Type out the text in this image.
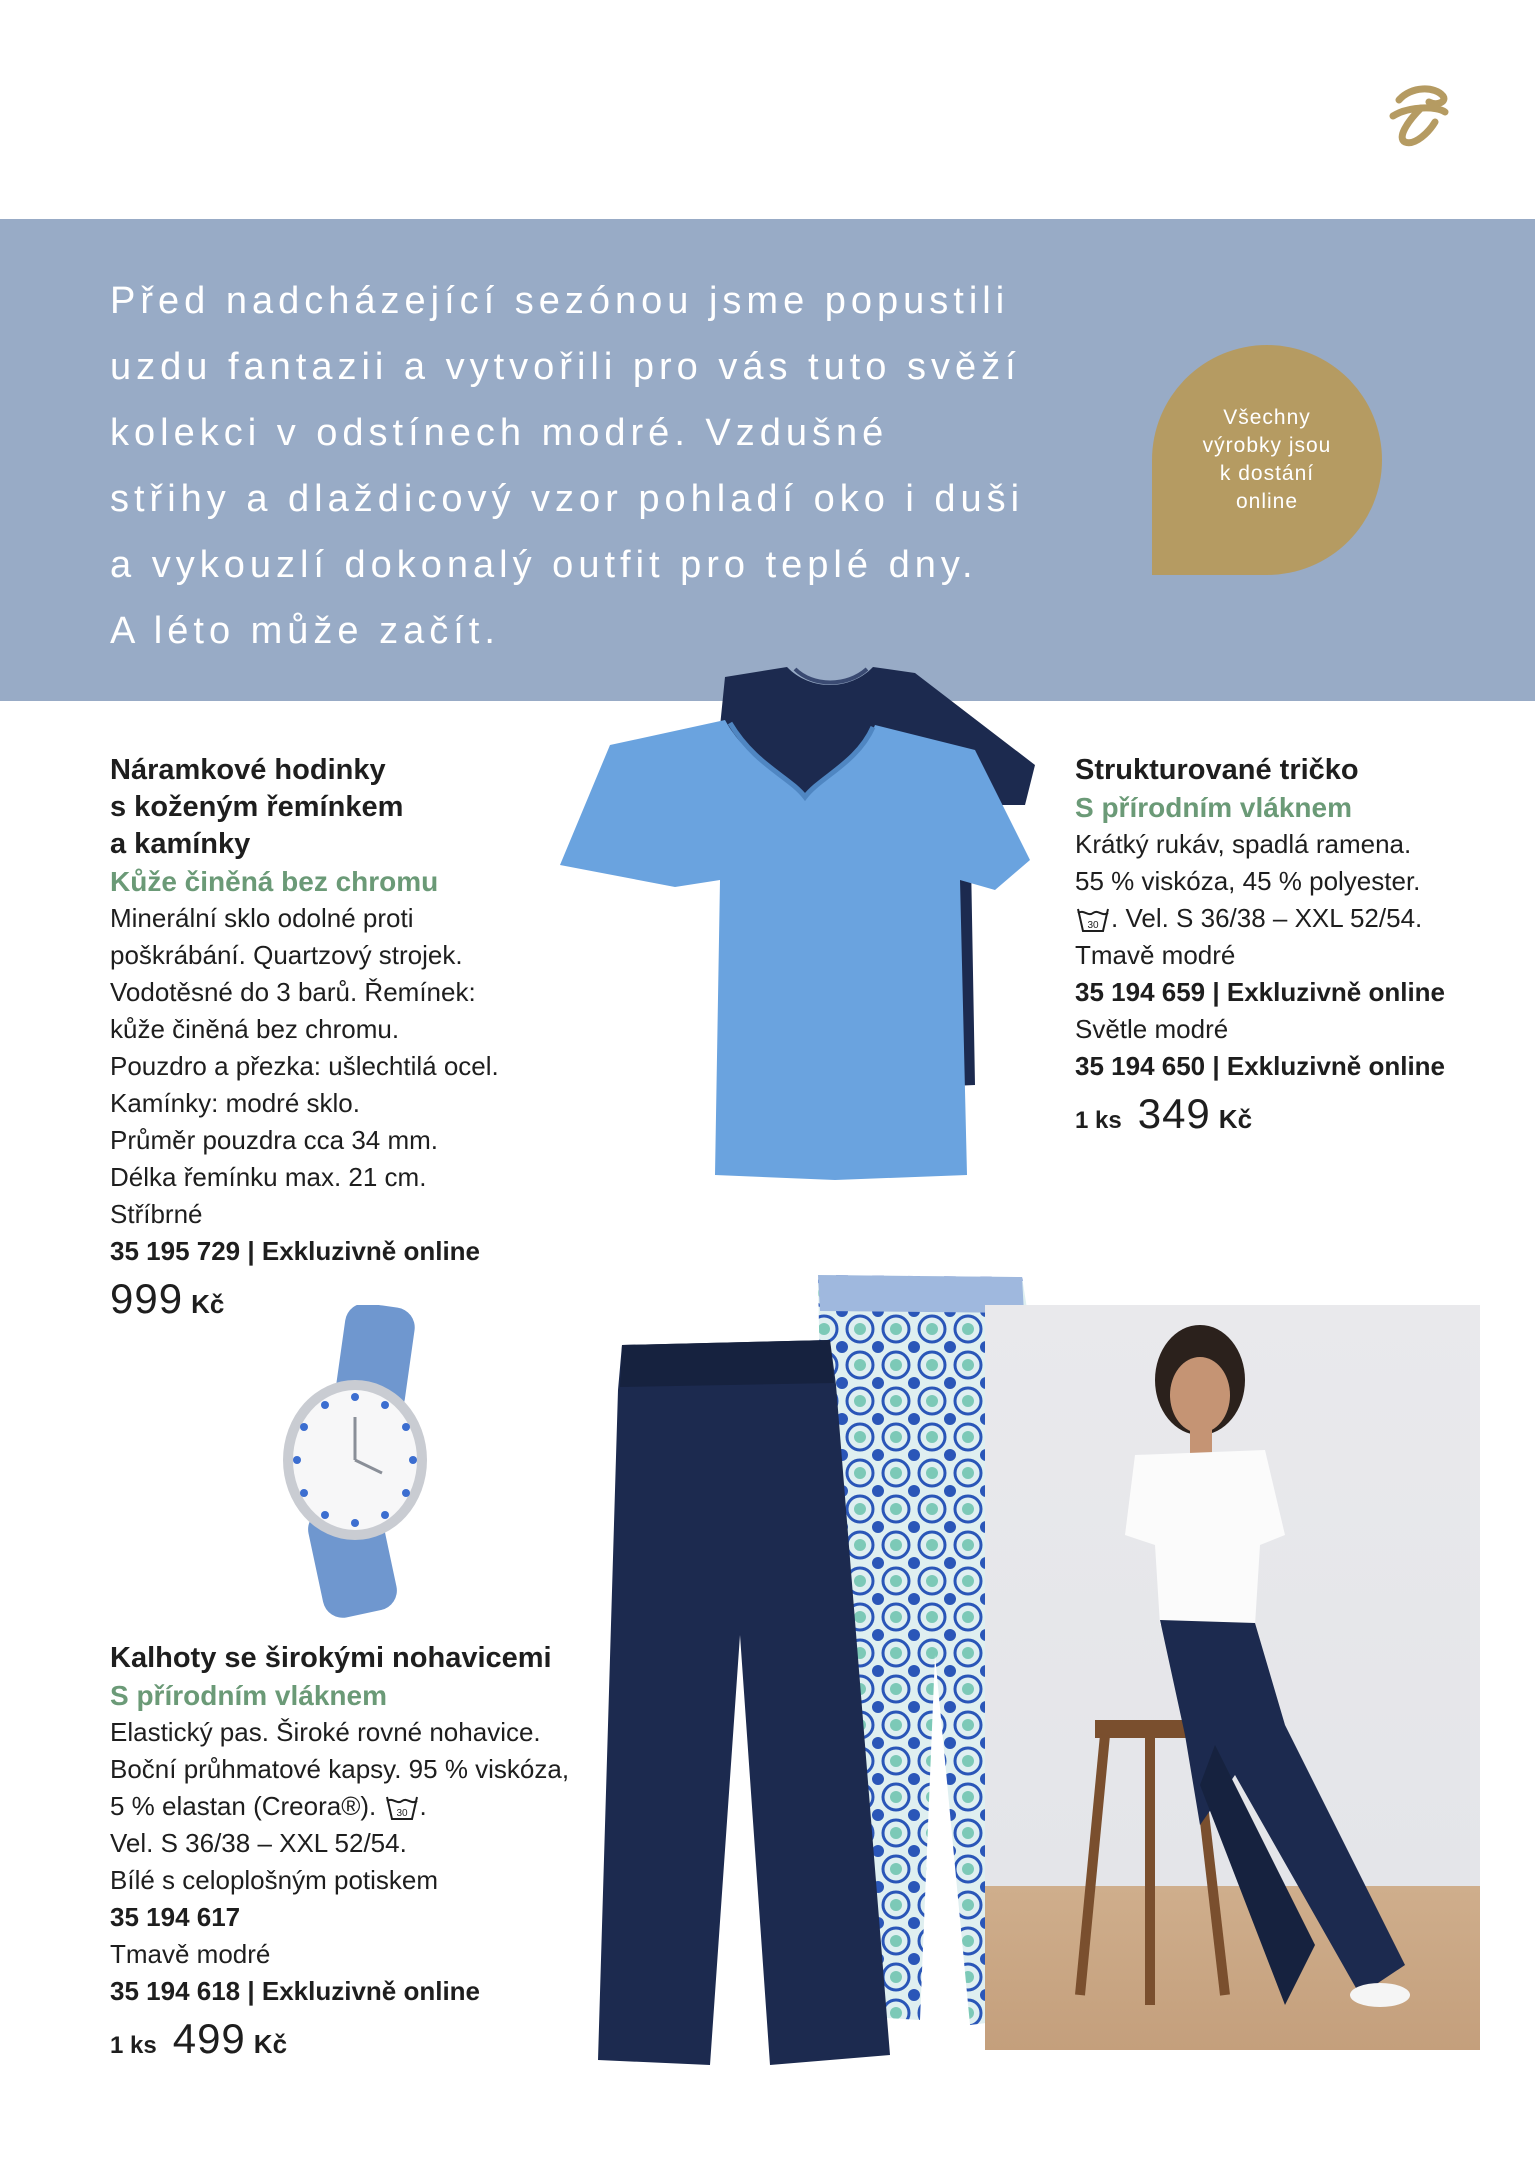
Před nadcházející sezónou jsme popustili
uzdu fantazii a vytvořili pro vás tuto svěží
kolekci v odstínech modré. Vzdušné
střihy a dlaždicový vzor pohladí oko i duši
a vykouzlí dokonalý outfit pro teplé dny.
A léto může začít.
Všechny
výrobky jsou
k dostání
online
Náramkové hodinky
s koženým řemínkem
a kamínky
Kůže činěná bez chromu
Minerální sklo odolné proti
poškrábání. Quartzový strojek.
Vodotěsné do 3 barů. Řemínek:
kůže činěná bez chromu.
Pouzdro a přezka: ušlechtilá ocel.
Kamínky: modré sklo.
Průměr pouzdra cca 34 mm.
Délka řemínku max. 21 cm.
Stříbrné
35 195 729 | Exkluzivně online
999 Kč
Strukturované tričko
S přírodním vláknem
Krátký rukáv, spadlá ramena.
55 % viskóza, 45 % polyester.
30 . Vel. S 36/38 – XXL 52/54.
Tmavě modré
35 194 659 | Exkluzivně online
Světle modré
35 194 650 | Exkluzivně online
1 ks 349 Kč
Kalhoty se širokými nohavicemi
S přírodním vláknem
Elastický pas. Široké rovné nohavice.
Boční průhmatové kapsy. 95 % viskóza,
5 % elastan (Creora®). 30 .
Vel. S 36/38 – XXL 52/54.
Bílé s celoplošným potiskem
35 194 617
Tmavě modré
35 194 618 | Exkluzivně online
1 ks 499 Kč
